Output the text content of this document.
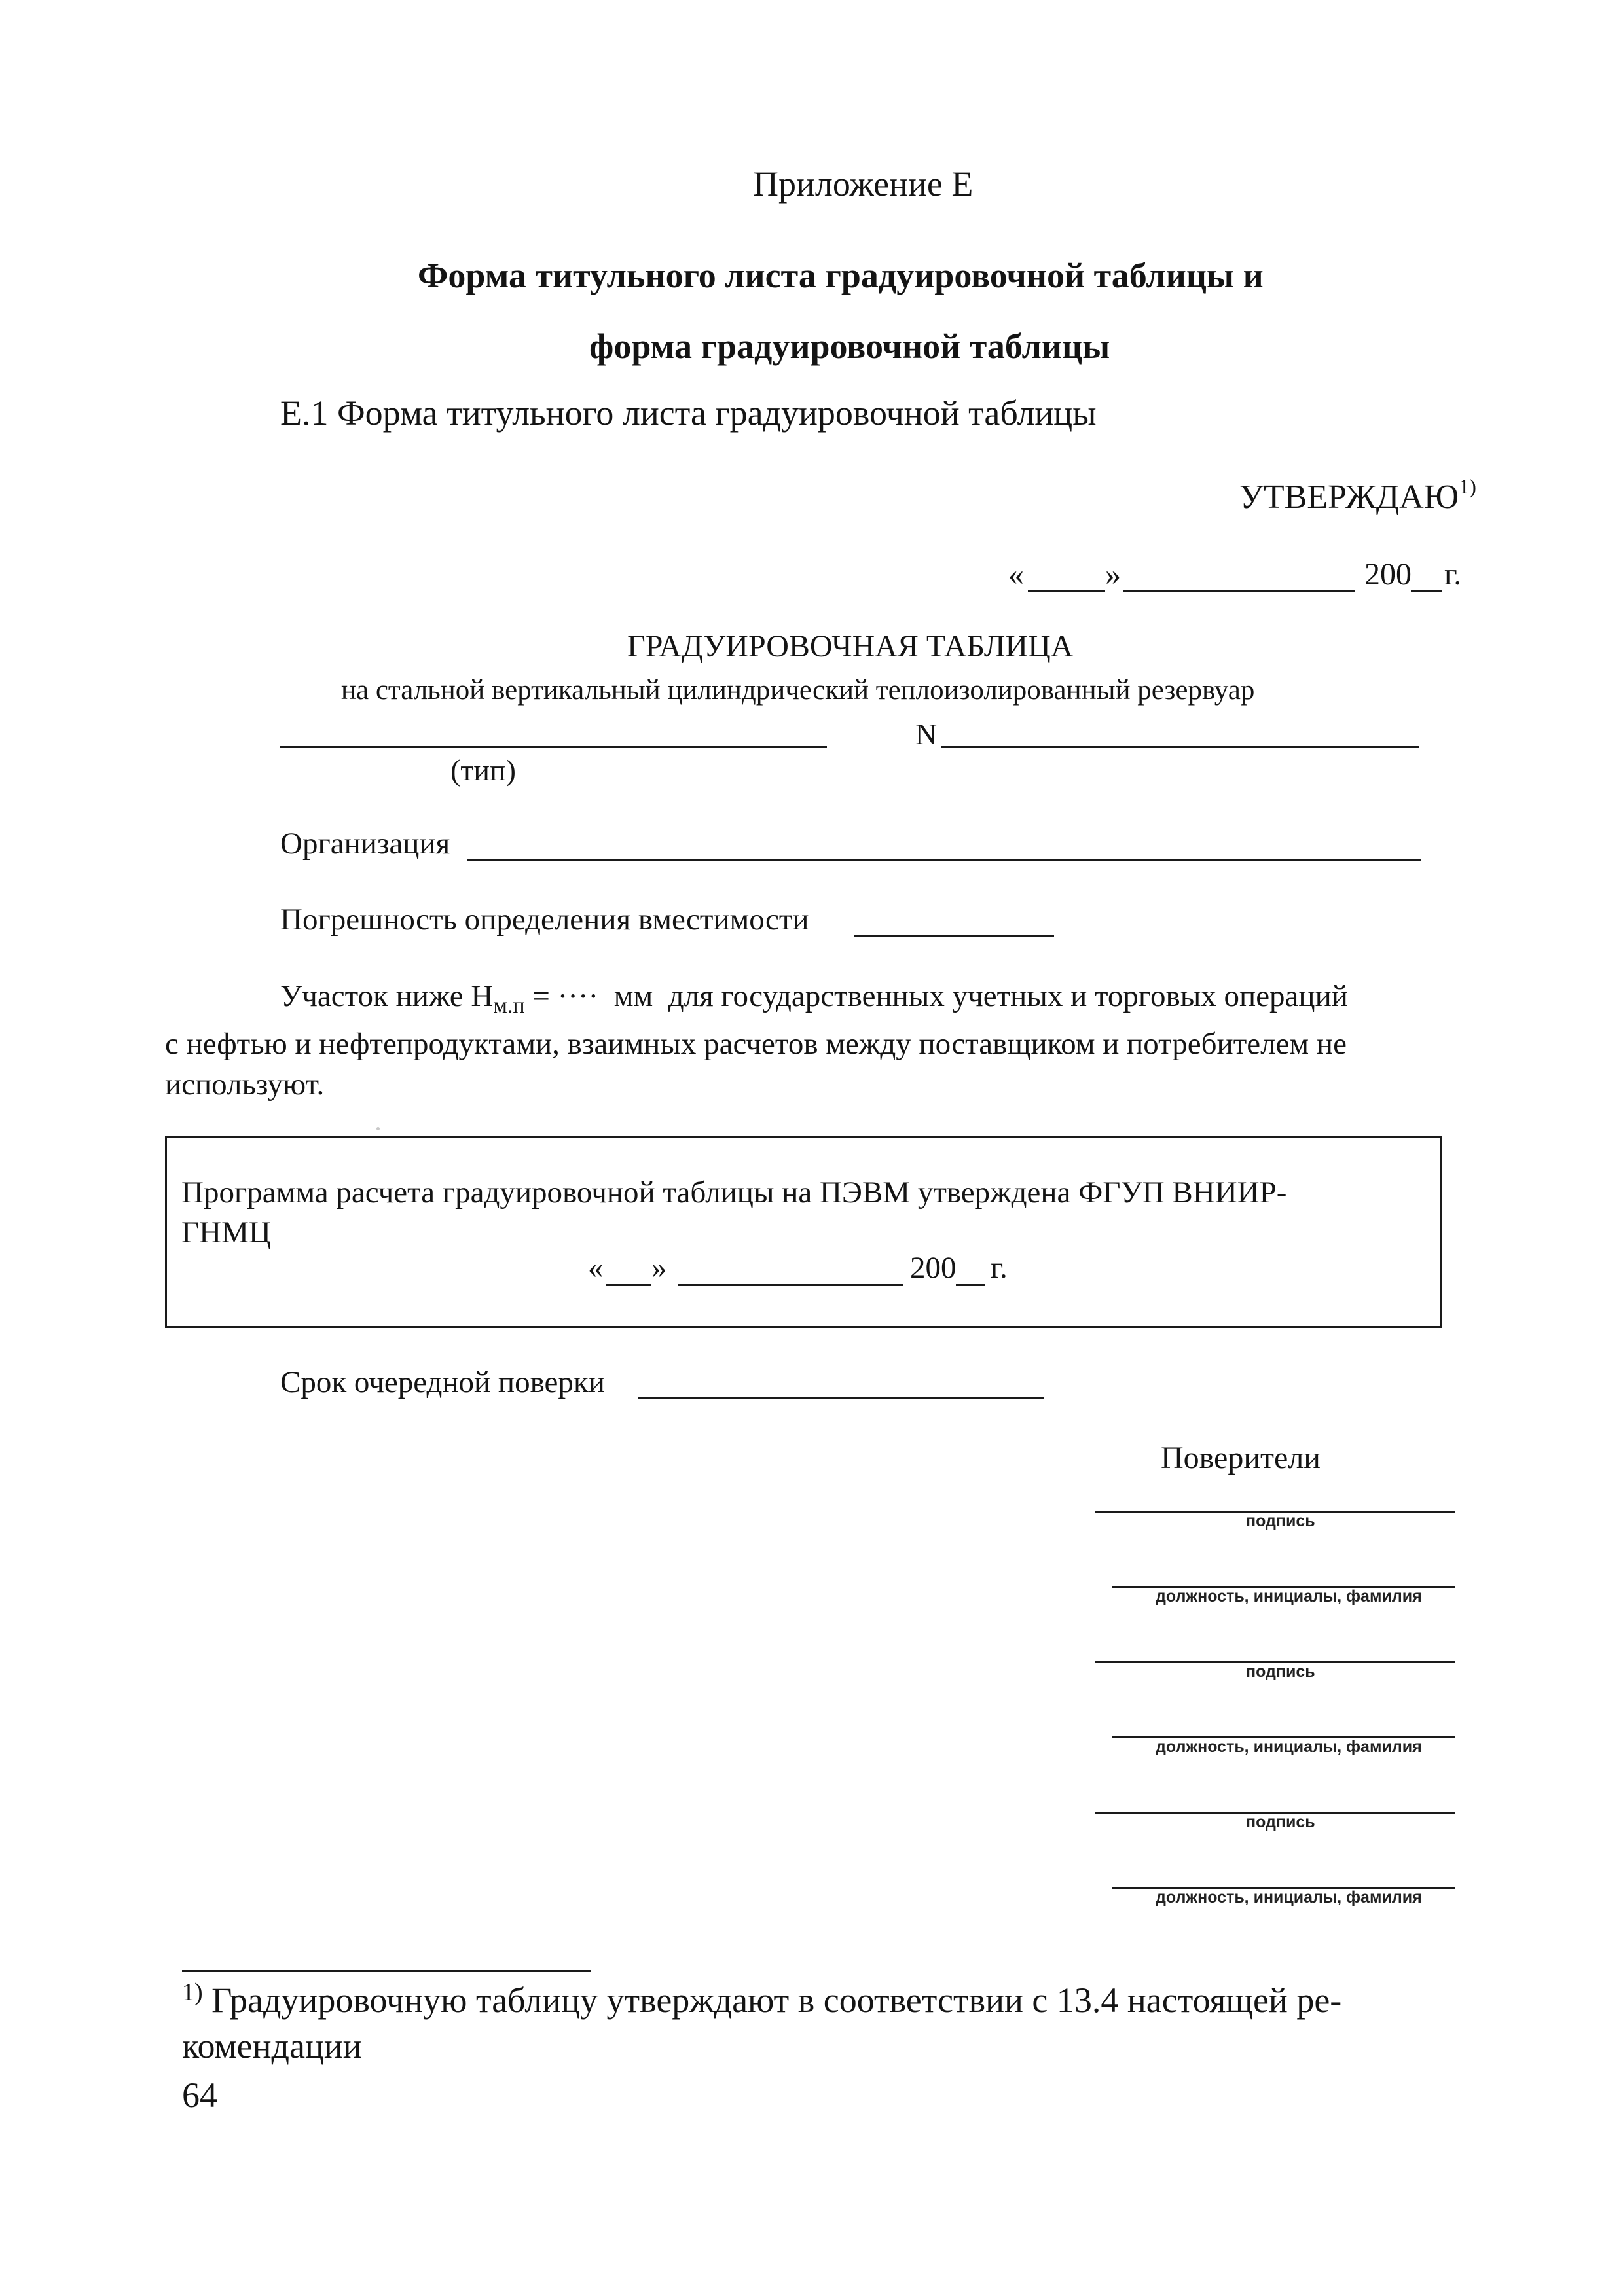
Приложение Е
Форма титульного листа градуировочной таблицы и
форма градуировочной таблицы
Е.1 Форма титульного листа градуировочной таблицы
УТВЕРЖДАЮ$^{1)}$
«	»	200 г.
ГРАДУИРОВОЧНАЯ ТАБЛИЦА
на стальной вертикальный цилиндрический теплоизолированный резервуар
N
(тип)
Организация
Погрешность определения вместимости
Участок ниже $H_{м.п}$ = ···· мм для государственных учетных и торговых операций
с нефтью и нефтепродуктами, взаимных расчетов между поставщиком и потребителем не
используют.
Программа расчета градуировочной таблицы на ПЭВМ утверждена ФГУП ВНИИР-
ГНМЦ
« »	200 г.
Срок очередной поверки
Поверители
подпись
должность, инициалы, фамилия
подпись
должность, инициалы, фамилия
подпись
должность, инициалы, фамилия
$^{1)}$ Градуировочную таблицу утверждают в соответствии с 13.4 настоящей ре-
комендации
64
